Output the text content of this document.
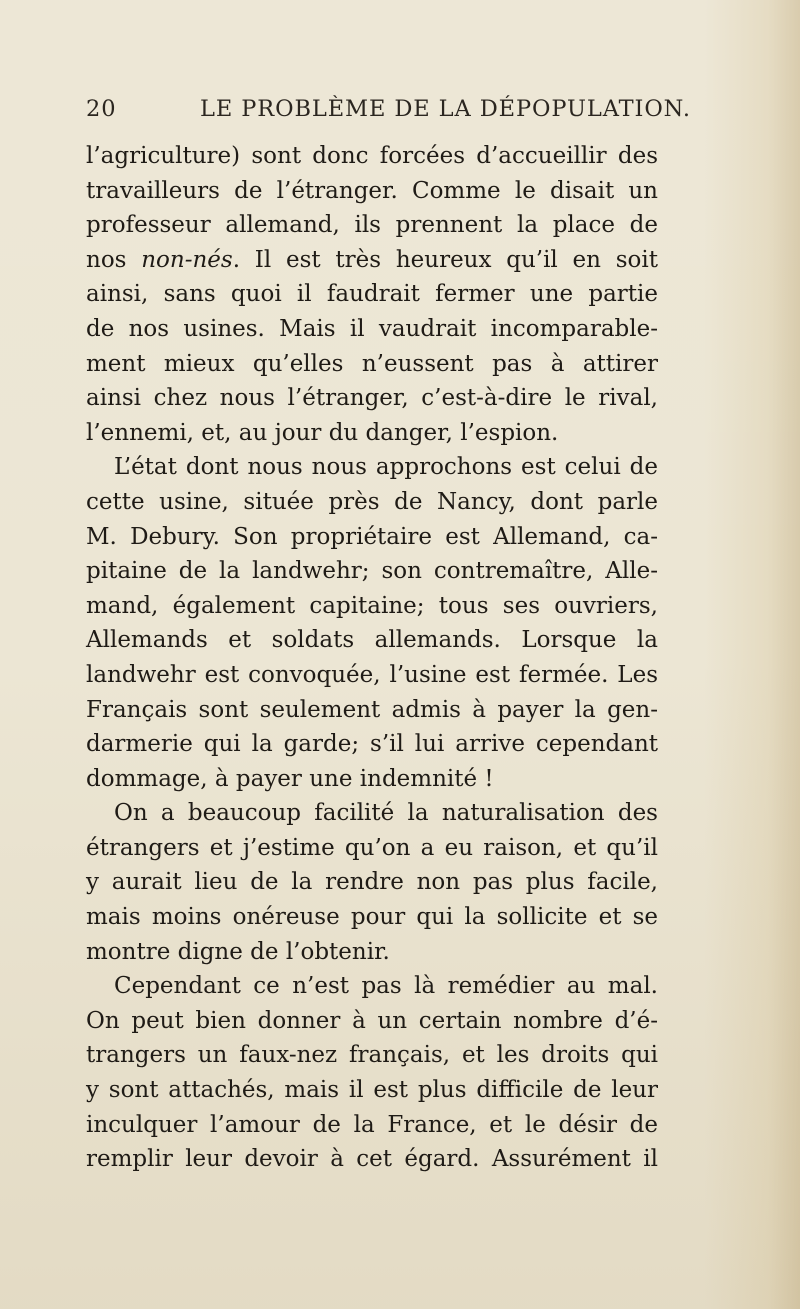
20	LE PROBLÈME DE LA DÉPOPULATION.
l’agriculture) sont donc forcées d’accueillir des
travailleurs de l’étranger. Comme le disait un
professeur allemand, ils prennent la place de
nos non-nés. Il est très heureux qu’il en soit
ainsi, sans quoi il faudrait fermer une partie
de nos usines. Mais il vaudrait incomparable-
ment mieux qu’elles n’eussent pas à attirer
ainsi chez nous l’étranger, c’est-à-dire le rival,
l’ennemi, et, au jour du danger, l’espion.
L’état dont nous nous approchons est celui de
cette usine, située près de Nancy, dont parle
M. Debury. Son propriétaire est Allemand, ca-
pitaine de la landwehr; son contremaître, Alle-
mand, également capitaine; tous ses ouvriers,
Allemands et soldats allemands. Lorsque la
landwehr est convoquée, l’usine est fermée. Les
Français sont seulement admis à payer la gen-
darmerie qui la garde; s’il lui arrive cependant
dommage, à payer une indemnité !
On a beaucoup facilité la naturalisation des
étrangers et j’estime qu’on a eu raison, et qu’il
y aurait lieu de la rendre non pas plus facile,
mais moins onéreuse pour qui la sollicite et se
montre digne de l’obtenir.
Cependant ce n’est pas là remédier au mal.
On peut bien donner à un certain nombre d’é-
trangers un faux-nez français, et les droits qui
y sont attachés, mais il est plus difficile de leur
inculquer l’amour de la France, et le désir de
remplir leur devoir à cet égard. Assurément il
